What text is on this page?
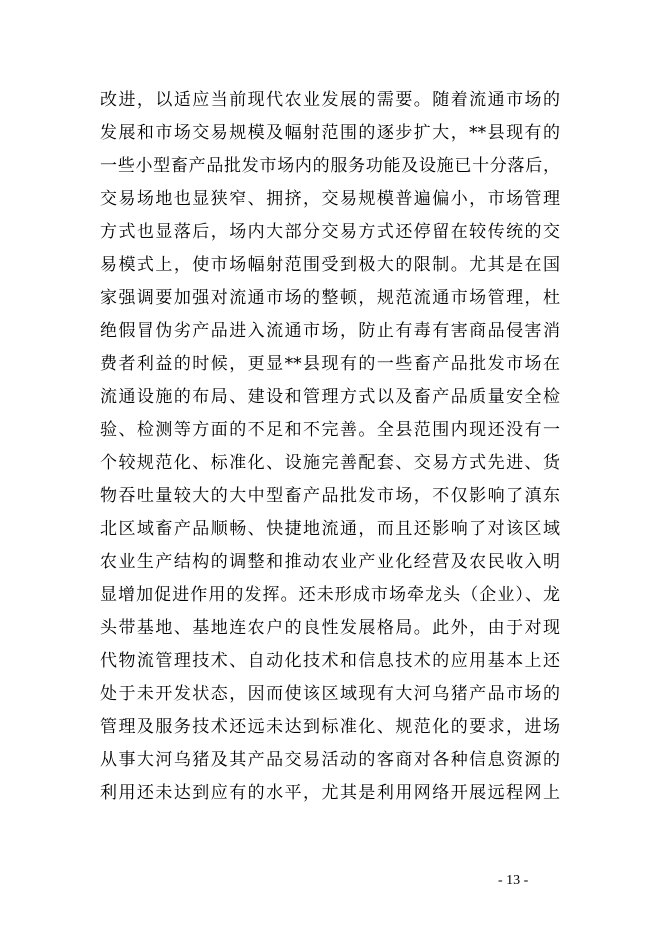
改进，以适应当前现代农业发展的需要。随着流通市场的
发展和市场交易规模及幅射范围的逐步扩大，**县现有的
一些小型畜产品批发市场内的服务功能及设施已十分落后，
交易场地也显狭窄、拥挤，交易规模普遍偏小，市场管理
方式也显落后，场内大部分交易方式还停留在较传统的交
易模式上，使市场幅射范围受到极大的限制。尤其是在国
家强调要加强对流通市场的整顿，规范流通市场管理，杜
绝假冒伪劣产品进入流通市场，防止有毒有害商品侵害消
费者利益的时候，更显**县现有的一些畜产品批发市场在
流通设施的布局、建设和管理方式以及畜产品质量安全检
验、检测等方面的不足和不完善。全县范围内现还没有一
个较规范化、标准化、设施完善配套、交易方式先进、货
物吞吐量较大的大中型畜产品批发市场，不仅影响了滇东
北区域畜产品顺畅、快捷地流通，而且还影响了对该区域
农业生产结构的调整和推动农业产业化经营及农民收入明
显增加促进作用的发挥。还未形成市场牵龙头（企业）、龙
头带基地、基地连农户的良性发展格局。此外，由于对现
代物流管理技术、自动化技术和信息技术的应用基本上还
处于未开发状态，因而使该区域现有大河乌猪产品市场的
管理及服务技术还远未达到标准化、规范化的要求，进场
从事大河乌猪及其产品交易活动的客商对各种信息资源的
利用还未达到应有的水平，尤其是利用网络开展远程网上
- 13 -
